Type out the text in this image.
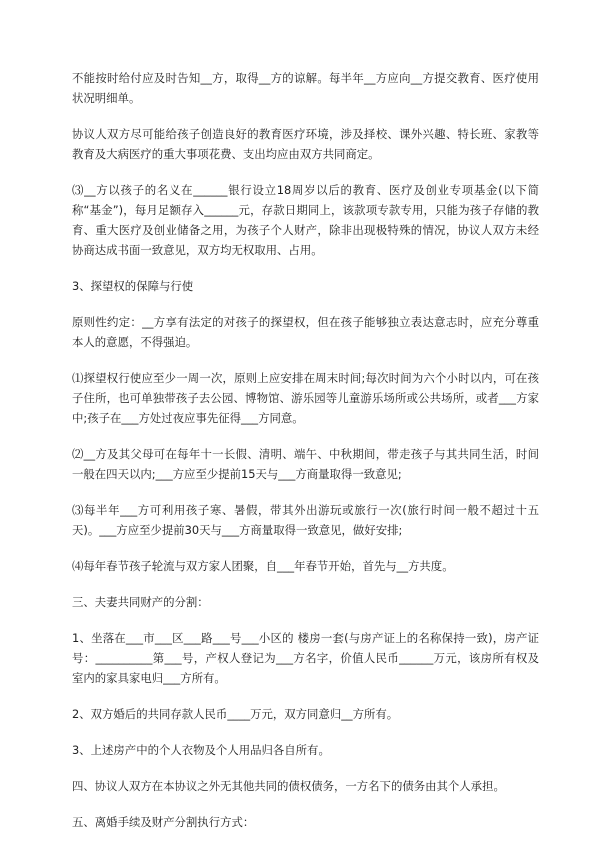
不能按时给付应及时告知__方，取得__方的谅解。每半年__方应向__方提交教育、医疗使用状况明细单。

协议人双方尽可能给孩子创造良好的教育医疗环境，涉及择校、课外兴趣、特长班、家教等教育及大病医疗的重大事项花费、支出均应由双方共同商定。

⑶__方以孩子的名义在______银行设立18周岁以后的教育、医疗及创业专项基金(以下简称“基金”)，每月足额存入______元，存款日期同上，该款项专款专用，只能为孩子存储的教育、重大医疗及创业储备之用，为孩子个人财产，除非出现极特殊的情况，协议人双方未经协商达成书面一致意见，双方均无权取用、占用。

3、探望权的保障与行使

原则性约定：__方享有法定的对孩子的探望权，但在孩子能够独立表达意志时，应充分尊重本人的意愿，不得强迫。

⑴探望权行使应至少一周一次，原则上应安排在周末时间;每次时间为六个小时以内，可在孩子住所，也可单独带孩子去公园、博物馆、游乐园等儿童游乐场所或公共场所，或者___方家中;孩子在___方处过夜应事先征得___方同意。

⑵__方及其父母可在每年十一长假、清明、端午、中秋期间，带走孩子与其共同生活，时间一般在四天以内;___方应至少提前15天与___方商量取得一致意见;

⑶每半年___方可利用孩子寒、暑假，带其外出游玩或旅行一次(旅行时间一般不超过十五天)。___方应至少提前30天与___方商量取得一致意见，做好安排;

⑷每年春节孩子轮流与双方家人团聚，自___年春节开始，首先与__方共度。

三、夫妻共同财产的分割：

1、坐落在___市___区___路___号___小区的 楼房一套(与房产证上的名称保持一致)，房产证号：__________第___号，产权人登记为___方名字，价值人民币______万元，该房所有权及室内的家具家电归___方所有。

2、双方婚后的共同存款人民币____万元，双方同意归__方所有。

3、上述房产中的个人衣物及个人用品归各自所有。

四、协议人双方在本协议之外无其他共同的债权债务，一方名下的债务由其个人承担。

五、离婚手续及财产分割执行方式：
